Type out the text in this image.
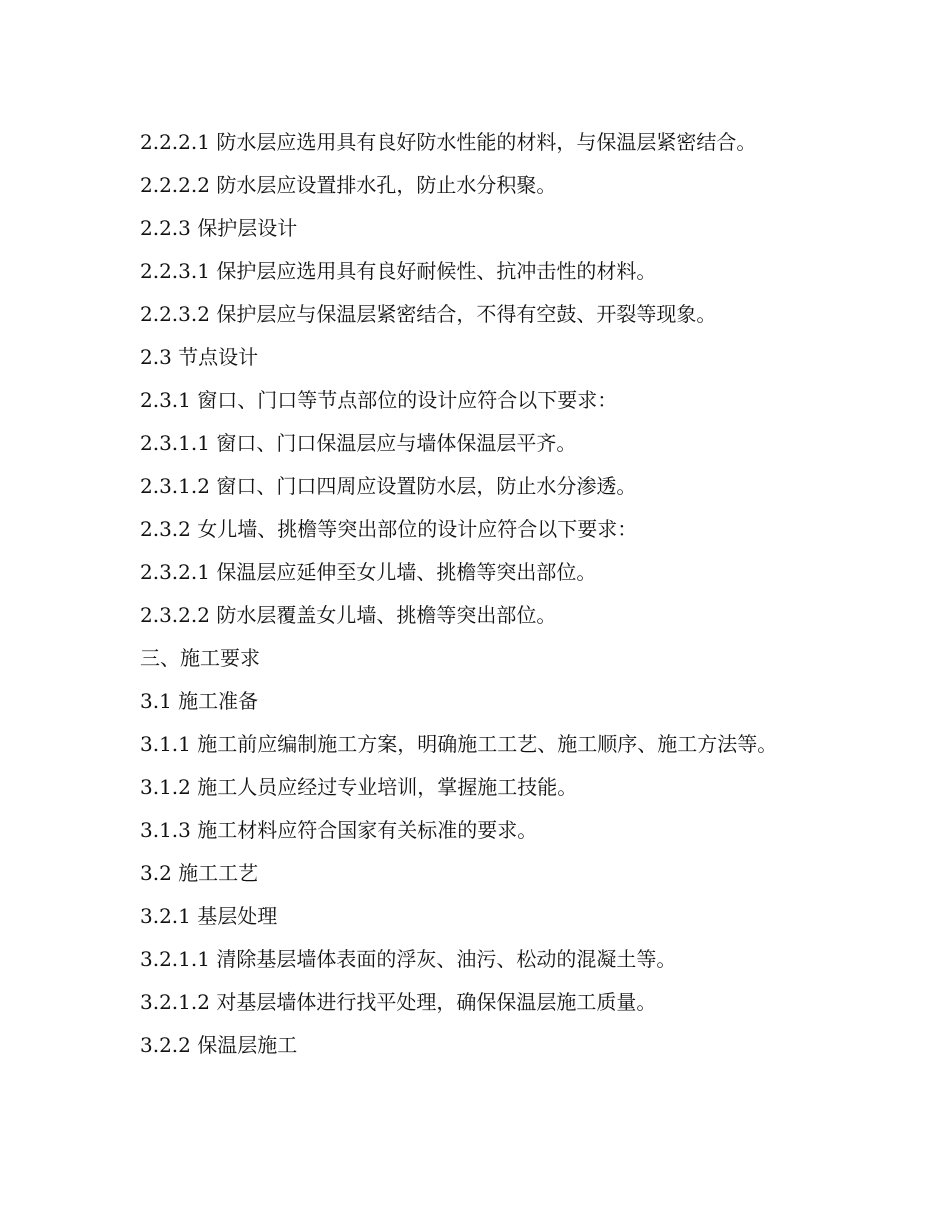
2.2.2.1 防水层应选用具有良好防水性能的材料，与保温层紧密结合。

2.2.2.2 防水层应设置排水孔，防止水分积聚。

2.2.3 保护层设计

2.2.3.1 保护层应选用具有良好耐候性、抗冲击性的材料。

2.2.3.2 保护层应与保温层紧密结合，不得有空鼓、开裂等现象。

2.3 节点设计

2.3.1 窗口、门口等节点部位的设计应符合以下要求：

2.3.1.1 窗口、门口保温层应与墙体保温层平齐。

2.3.1.2 窗口、门口四周应设置防水层，防止水分渗透。

2.3.2 女儿墙、挑檐等突出部位的设计应符合以下要求：

2.3.2.1 保温层应延伸至女儿墙、挑檐等突出部位。

2.3.2.2 防水层覆盖女儿墙、挑檐等突出部位。

三、施工要求

3.1 施工准备

3.1.1 施工前应编制施工方案，明确施工工艺、施工顺序、施工方法等。

3.1.2 施工人员应经过专业培训，掌握施工技能。

3.1.3 施工材料应符合国家有关标准的要求。

3.2 施工工艺

3.2.1 基层处理

3.2.1.1 清除基层墙体表面的浮灰、油污、松动的混凝土等。

3.2.1.2 对基层墙体进行找平处理，确保保温层施工质量。

3.2.2 保温层施工
